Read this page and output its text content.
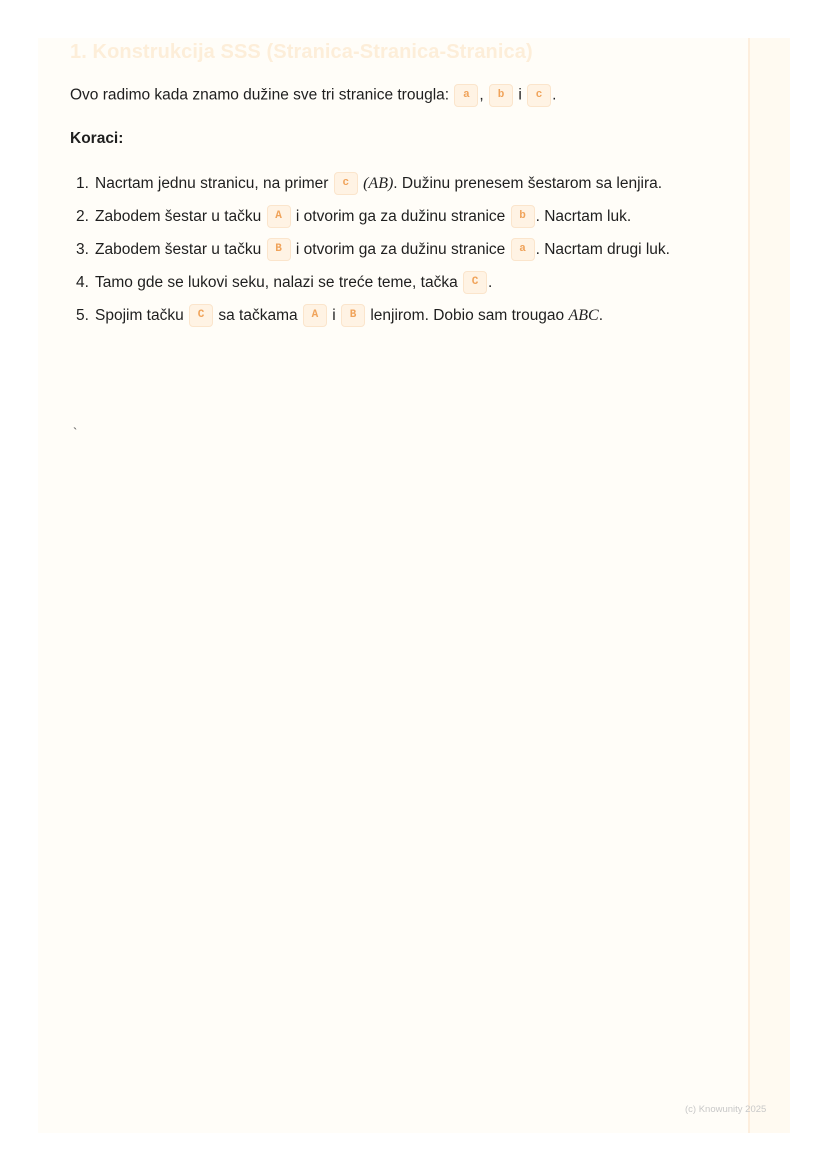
1. Konstrukcija SSS (Stranica-Stranica-Stranica)

Ovo radimo kada znamo dužine sve tri stranice trougla: a , b i c .

Koraci:

1. Nacrtam jednu stranicu, na primer c (AB). Dužinu prenesem šestarom sa lenjira.
2. Zabodem šestar u tačku A i otvorim ga za dužinu stranice b . Nacrtam luk.
3. Zabodem šestar u tačku B i otvorim ga za dužinu stranice a . Nacrtam drugi luk.
4. Tamo gde se lukovi seku, nalazi se treće teme, tačka C .
5. Spojim tačku C sa tačkama A i B lenjirom. Dobio sam trougao ABC.
`
(c) Knowunity 2025
